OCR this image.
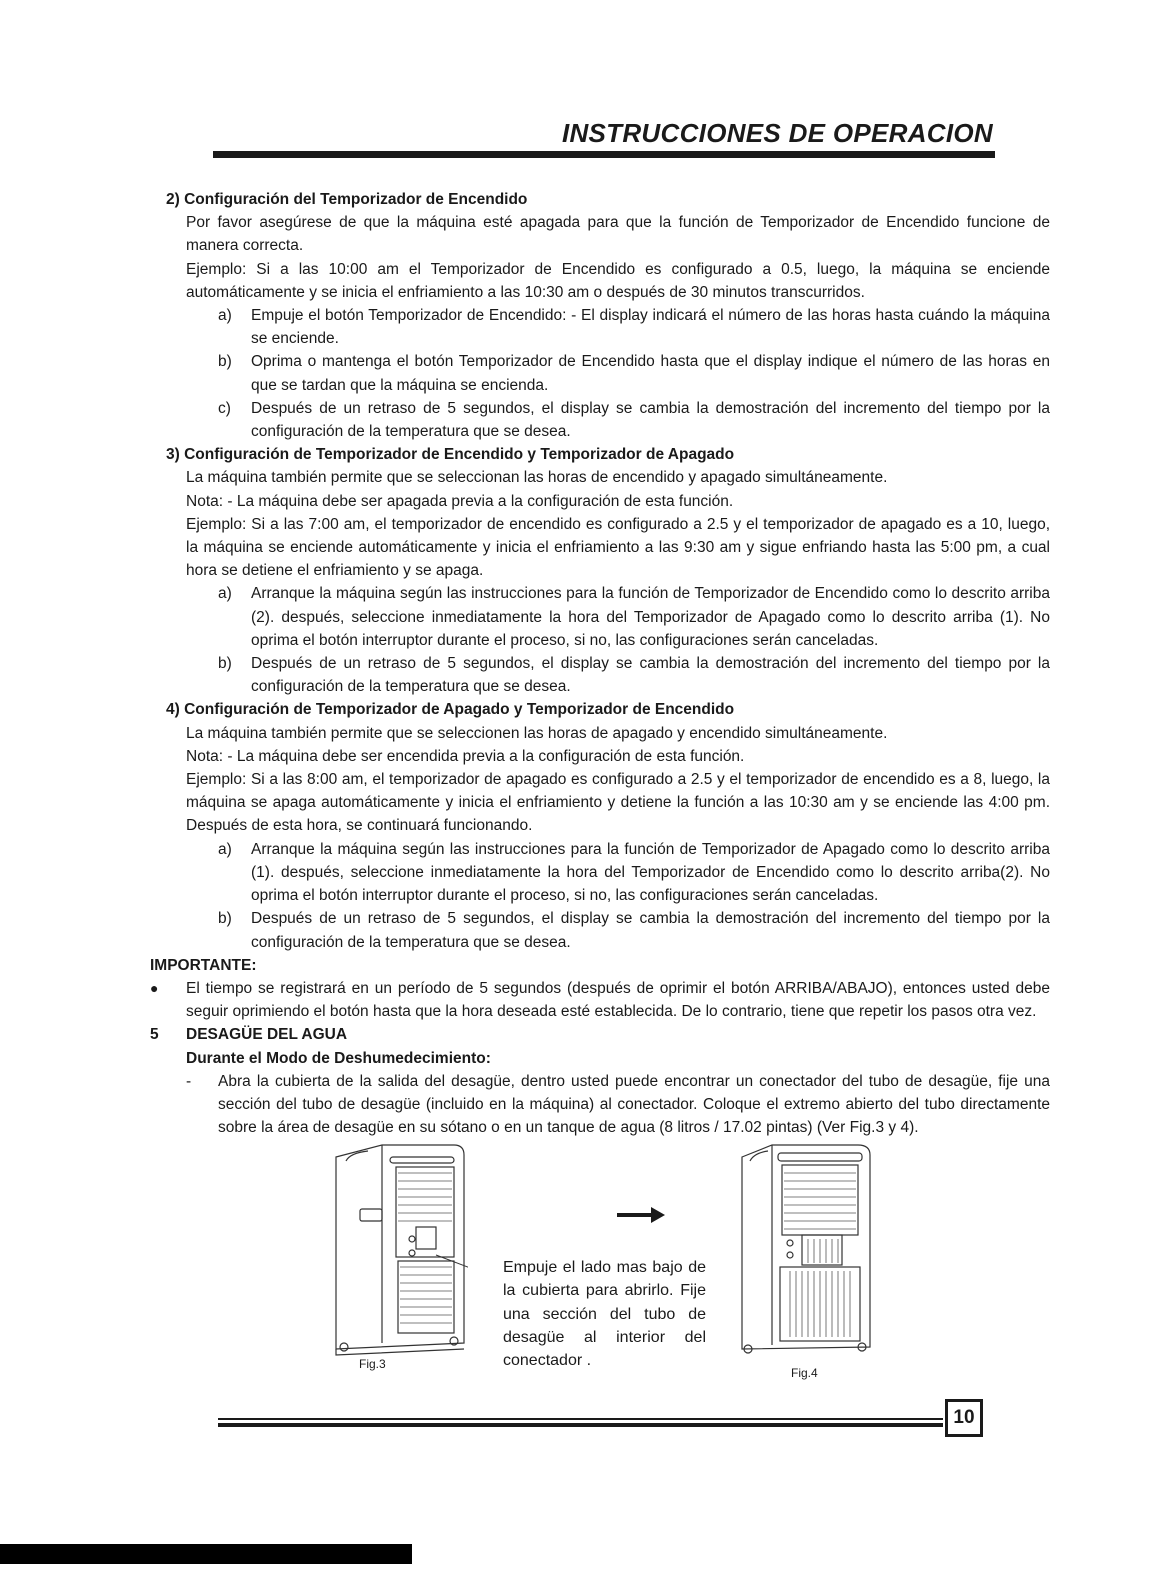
INSTRUCCIONES DE OPERACION
2) Configuración del Temporizador de Encendido
Por favor asegúrese de que la máquina esté apagada para que la función de Temporizador de Encendido funcione de manera correcta.
Ejemplo: Si a las 10:00 am el Temporizador de Encendido es configurado a 0.5, luego, la máquina se enciende automáticamente y se inicia el enfriamiento a las 10:30 am o después de 30 minutos transcurridos.
a)	Empuje el botón Temporizador de Encendido: - El display indicará el número de las horas hasta cuándo la máquina se enciende.
b)	Oprima o mantenga el botón Temporizador de Encendido hasta que el display indique el número de las horas en que se tardan que la máquina se encienda.
c)	Después de un retraso de 5 segundos, el display se cambia la demostración del incremento del tiempo por la configuración de la temperatura que se desea.
3) Configuración de Temporizador de Encendido y Temporizador de Apagado
La máquina también permite que se seleccionan las horas de encendido y apagado simultáneamente.
Nota: - La máquina debe ser apagada previa a la configuración de esta función.
Ejemplo: Si a las 7:00 am, el temporizador de encendido es configurado a 2.5 y el temporizador de apagado es a 10, luego, la máquina se enciende automáticamente y inicia el enfriamiento a las 9:30 am y sigue enfriando hasta las 5:00 pm, a cual hora se detiene el enfriamiento y se apaga.
a)	Arranque la máquina según las instrucciones para la función de Temporizador de Encendido como lo descrito arriba (2). después, seleccione inmediatamente la hora del Temporizador de Apagado como lo descrito arriba (1). No oprima el botón interruptor durante el proceso, si no, las configuraciones serán canceladas.
b)	Después de un retraso de 5 segundos, el display se cambia la demostración del incremento del tiempo por la configuración de la temperatura que se desea.
4) Configuración de Temporizador de Apagado y Temporizador de Encendido
La máquina también permite que se seleccionen las horas de apagado y encendido simultáneamente.
Nota: - La máquina debe ser encendida previa a la configuración de esta función.
Ejemplo: Si a las 8:00 am, el temporizador de apagado es configurado a 2.5 y el temporizador de encendido es a 8, luego, la máquina se apaga automáticamente y inicia el enfriamiento y detiene la función a las 10:30 am y se enciende las 4:00 pm. Después de esta hora, se continuará funcionando.
a)	Arranque la máquina según las instrucciones para la función de Temporizador de Apagado como lo descrito arriba (1). después, seleccione inmediatamente la hora del Temporizador de Encendido como lo descrito arriba(2). No oprima el botón interruptor durante el proceso, si no, las configuraciones serán canceladas.
b)	Después de un retraso de 5 segundos, el display se cambia la demostración del incremento del tiempo por la configuración de la temperatura que se desea.
IMPORTANTE:
●	El tiempo se registrará en un período de 5 segundos (después de oprimir el botón ARRIBA/ABAJO), entonces usted debe seguir oprimiendo el botón hasta que la hora deseada esté establecida. De lo contrario, tiene que repetir los pasos otra vez.
5	DESAGÜE DEL AGUA
Durante el Modo de Deshumedecimiento:
-	Abra la cubierta de la salida del desagüe, dentro usted puede encontrar un conectador del tubo de desagüe, fije una sección del tubo de desagüe (incluido en la máquina) al conectador. Coloque el extremo abierto del tubo directamente sobre la área de desagüe en su sótano o en un tanque de agua (8 litros / 17.02 pintas) (Ver Fig.3 y 4).
Fig.3
Empuje el lado mas bajo de la cubierta para abrirlo. Fije una sección del tubo de desagüe al interior del conectador .
Fig.4
10
